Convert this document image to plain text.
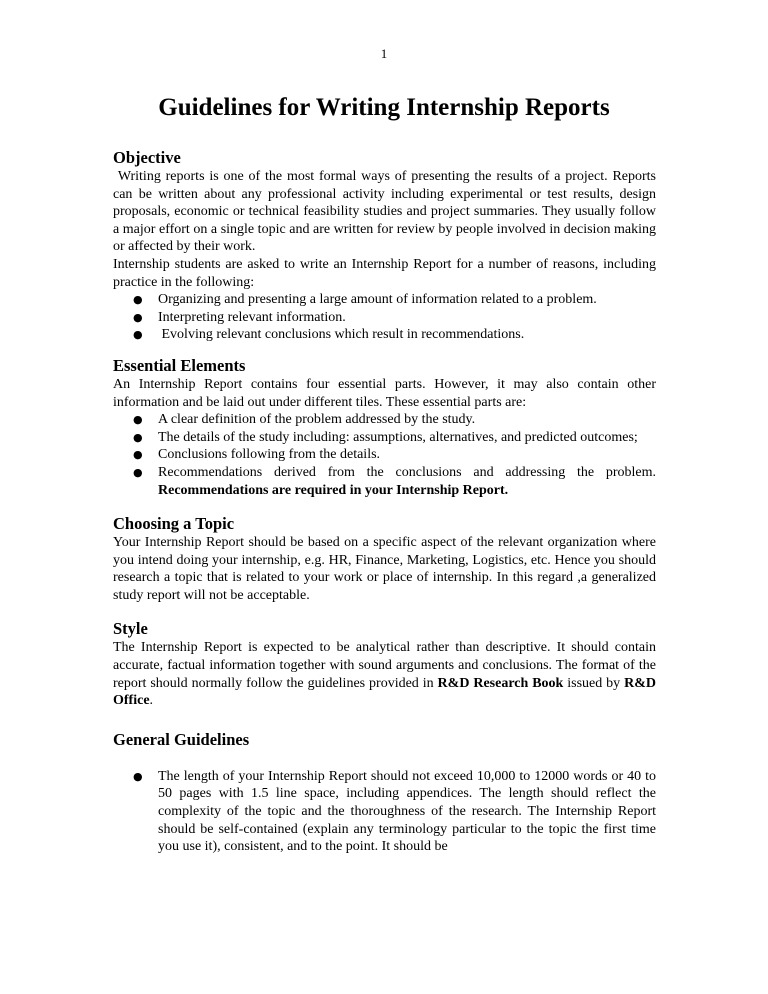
1
Guidelines for Writing Internship Reports
Objective

Writing reports is one of the most formal ways of presenting the results of a project. Reports can be written about any professional activity including experimental or test results, design proposals, economic or technical feasibility studies and project summaries. They usually follow a major effort on a single topic and are written for review by people involved in decision making or affected by their work.

Internship students are asked to write an Internship Report for a number of reasons, including practice in the following:

● Organizing and presenting a large amount of information related to a problem.
● Interpreting relevant information.
● Evolving relevant conclusions which result in recommendations.
Essential Elements

An Internship Report contains four essential parts. However, it may also contain other information and be laid out under different tiles. These essential parts are:

● A clear definition of the problem addressed by the study.
● The details of the study including: assumptions, alternatives, and predicted outcomes;
● Conclusions following from the details.
● Recommendations derived from the conclusions and addressing the problem. Recommendations are required in your Internship Report.
Choosing a Topic

Your Internship Report should be based on a specific aspect of the relevant organization where you intend doing your internship, e.g. HR, Finance, Marketing, Logistics, etc. Hence you should research a topic that is related to your work or place of internship. In this regard ,a generalized study report will not be acceptable.

Style

The Internship Report is expected to be analytical rather than descriptive. It should contain accurate, factual information together with sound arguments and conclusions. The format of the report should normally follow the guidelines provided in R&D Research Book issued by R&D Office.

General Guidelines
● The length of your Internship Report should not exceed 10,000 to 12000 words or 40 to 50 pages with 1.5 line space, including appendices. The length should reflect the complexity of the topic and the thoroughness of the research. The Internship Report should be self-contained (explain any terminology particular to the topic the first time you use it), consistent, and to the point. It should be
